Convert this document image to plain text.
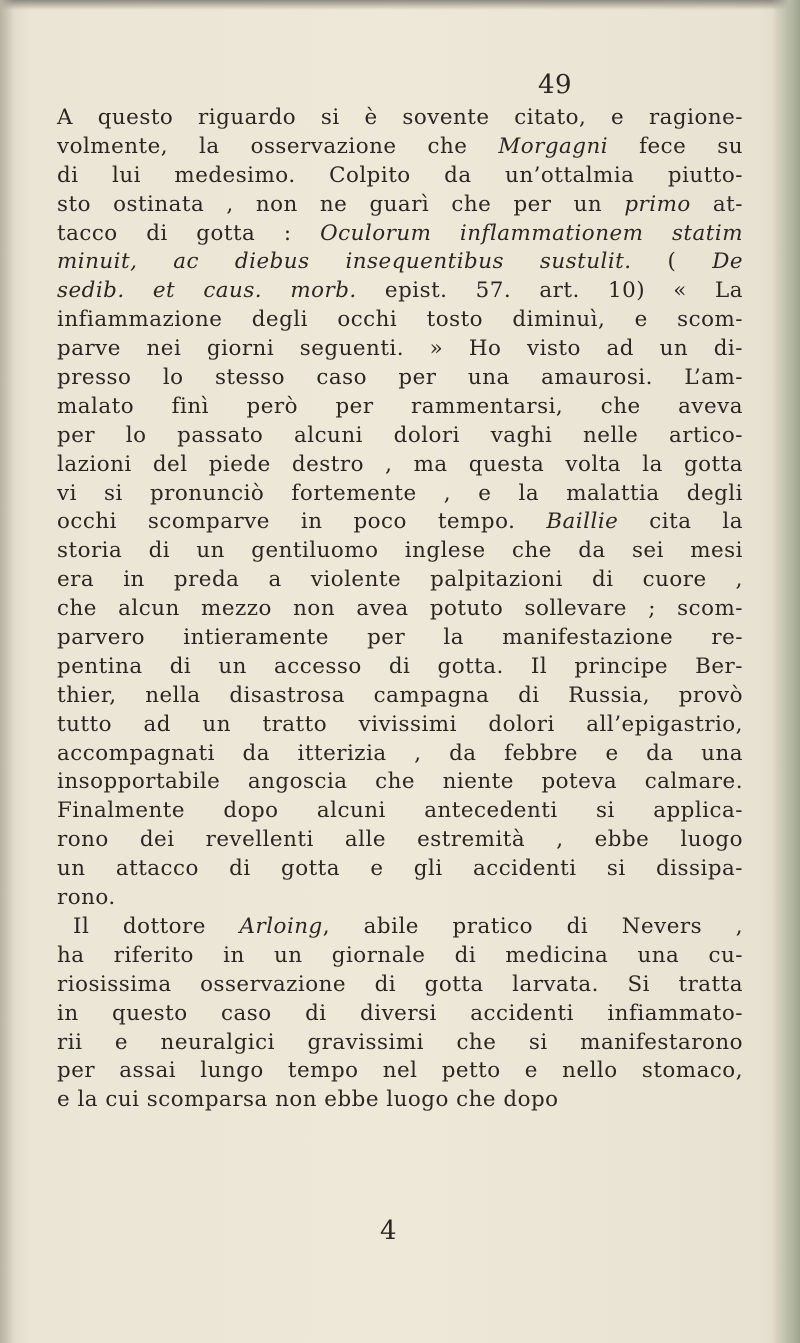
49
A questo riguardo si è sovente citato, e ragione-
volmente, la osservazione che Morgagni fece su
di lui medesimo. Colpito da un’ottalmia piutto-
sto ostinata , non ne guarì che per un primo at-
tacco di gotta : Oculorum inflammationem statim
minuit, ac diebus insequentibus sustulit. ( De
sedib. et caus. morb. epist. 57. art. 10) « La
infiammazione degli occhi tosto diminuì, e scom-
parve nei giorni seguenti. » Ho visto ad un di-
presso lo stesso caso per una amaurosi. L’am-
malato finì però per rammentarsi, che aveva
per lo passato alcuni dolori vaghi nelle artico-
lazioni del piede destro , ma questa volta la gotta
vi si pronunciò fortemente , e la malattia degli
occhi scomparve in poco tempo. Baillie cita la
storia di un gentiluomo inglese che da sei mesi
era in preda a violente palpitazioni di cuore ,
che alcun mezzo non avea potuto sollevare ; scom-
parvero intieramente per la manifestazione re-
pentina di un accesso di gotta. Il principe Ber-
thier, nella disastrosa campagna di Russia, provò
tutto ad un tratto vivissimi dolori all’epigastrio,
accompagnati da itterizia , da febbre e da una
insopportabile angoscia che niente poteva calmare.
Finalmente dopo alcuni antecedenti si applica-
rono dei revellenti alle estremità , ebbe luogo
un attacco di gotta e gli accidenti si dissipa-
rono.
Il dottore Arloing, abile pratico di Nevers ,
ha riferito in un giornale di medicina una cu-
riosissima osservazione di gotta larvata. Si tratta
in questo caso di diversi accidenti infiammato-
rii e neuralgici gravissimi che si manifestarono
per assai lungo tempo nel petto e nello stomaco,
e la cui scomparsa non ebbe luogo che dopo
4
